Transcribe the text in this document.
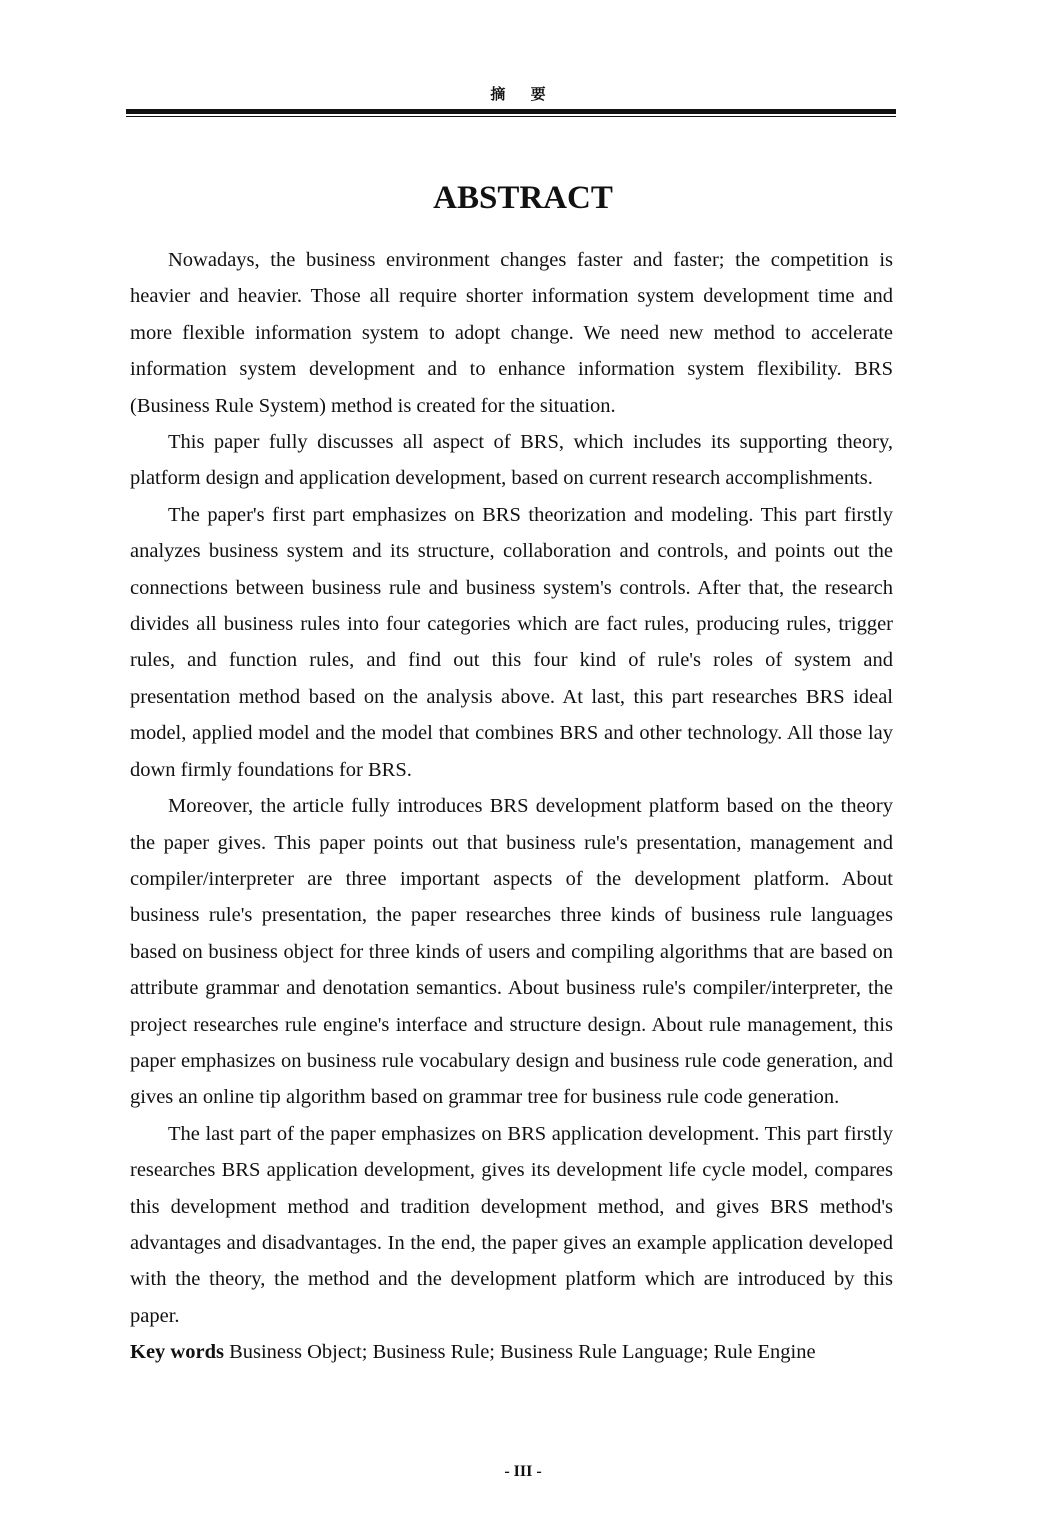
摘 要
ABSTRACT

Nowadays, the business environment changes faster and faster; the competition is heavier and heavier. Those all require shorter information system development time and more flexible information system to adopt change. We need new method to accelerate information system development and to enhance information system flexibility. BRS (Business Rule System) method is created for the situation.

This paper fully discusses all aspect of BRS, which includes its supporting theory, platform design and application development, based on current research accomplishments.

The paper's first part emphasizes on BRS theorization and modeling. This part firstly analyzes business system and its structure, collaboration and controls, and points out the connections between business rule and business system's controls. After that, the research divides all business rules into four categories which are fact rules, producing rules, trigger rules, and function rules, and find out this four kind of rule's roles of system and presentation method based on the analysis above. At last, this part researches BRS ideal model, applied model and the model that combines BRS and other technology. All those lay down firmly foundations for BRS.

Moreover, the article fully introduces BRS development platform based on the theory the paper gives. This paper points out that business rule's presentation, management and compiler/interpreter are three important aspects of the development platform. About business rule's presentation, the paper researches three kinds of business rule languages based on business object for three kinds of users and compiling algorithms that are based on attribute grammar and denotation semantics. About business rule's compiler/interpreter, the project researches rule engine's interface and structure design. About rule management, this paper emphasizes on business rule vocabulary design and business rule code generation, and gives an online tip algorithm based on grammar tree for business rule code generation.

The last part of the paper emphasizes on BRS application development. This part firstly researches BRS application development, gives its development life cycle model, compares this development method and tradition development method, and gives BRS method's advantages and disadvantages. In the end, the paper gives an example application developed with the theory, the method and the development platform which are introduced by this paper.

Key words Business Object; Business Rule; Business Rule Language; Rule Engine

- III -
